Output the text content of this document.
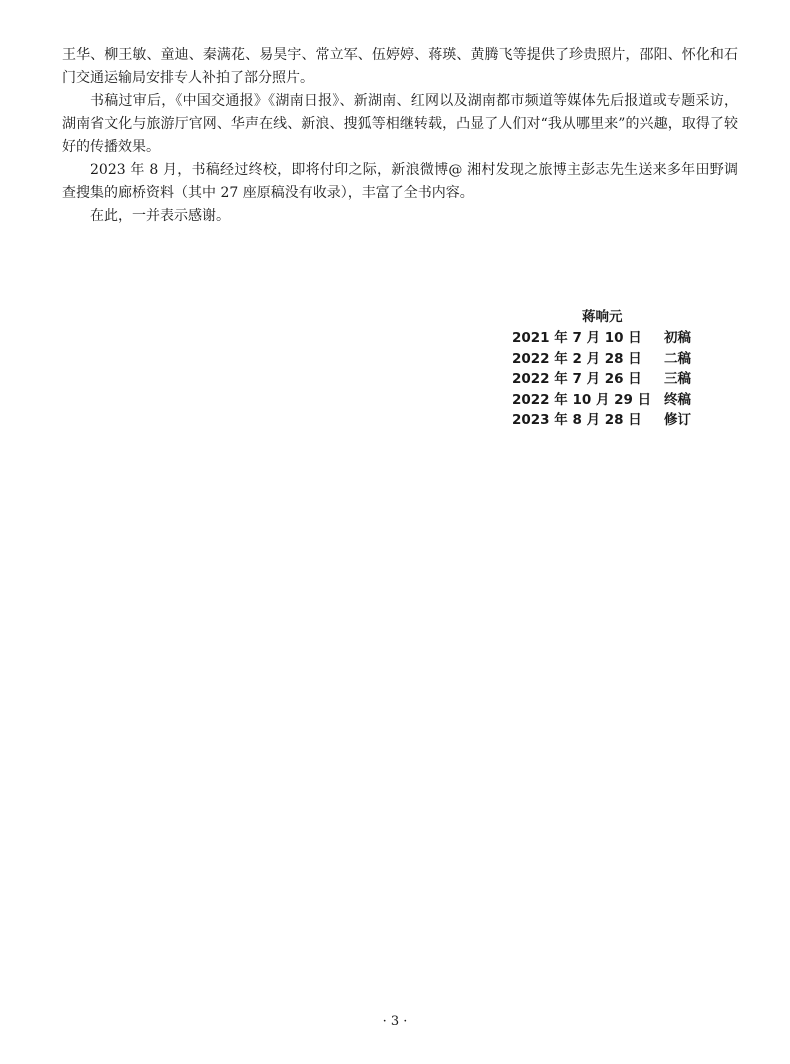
王华、柳王敏、童迪、秦满花、易昊宇、常立军、伍婷婷、蒋瑛、黄腾飞等提供了珍贵照片，邵阳、怀化和石门交通运输局安排专人补拍了部分照片。

书稿过审后，《中国交通报》《湖南日报》、新湖南、红网以及湖南都市频道等媒体先后报道或专题采访，湖南省文化与旅游厅官网、华声在线、新浪、搜狐等相继转载，凸显了人们对“我从哪里来”的兴趣，取得了较好的传播效果。

2023 年 8 月，书稿经过终校，即将付印之际，新浪微博@ 湘村发现之旅博主彭志先生送来多年田野调查搜集的廊桥资料（其中 27 座原稿没有收录），丰富了全书内容。

在此，一并表示感谢。

蒋响元
2021 年 7 月 10 日	初稿
2022 年 2 月 28 日	二稿
2022 年 7 月 26 日	三稿
2022 年 10 月 29 日 终稿
2023 年 8 月 28 日	修订
· 3 ·
